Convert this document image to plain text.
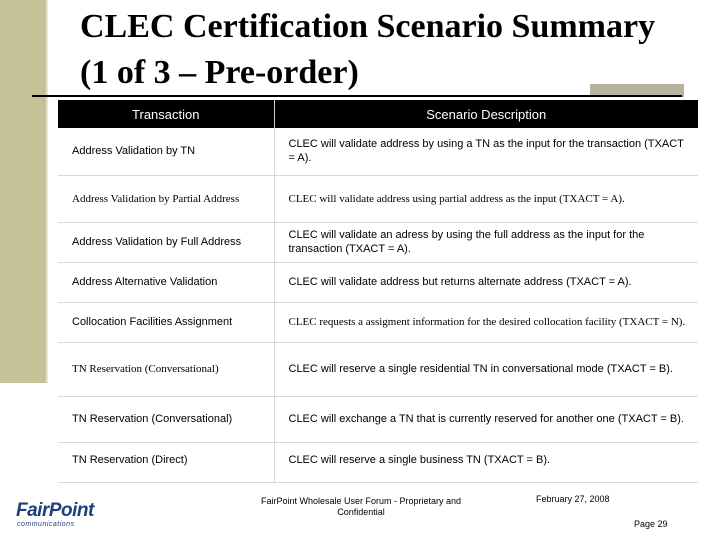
CLEC Certification Scenario Summary (1 of 3 – Pre-order)
Transaction	Scenario Description
Address Validation by TN	CLEC will validate address by using a TN as the input for the transaction (TXACT = A).
Address Validation by Partial Address	CLEC will validate address using partial address as the input (TXACT = A).
Address Validation by Full Address	CLEC will validate an adress by using the full address as the input for the transaction (TXACT = A).
Address Alternative Validation	CLEC will validate address but returns alternate address (TXACT = A).
Collocation Facilities Assignment	CLEC requests a assigment information for the desired collocation facility (TXACT = N).
TN Reservation (Conversational)	CLEC will reserve a single residential TN in conversational mode (TXACT = B).
TN Reservation (Conversational)	CLEC will exchange a TN that is currently reserved for another one (TXACT = B).
TN Reservation (Direct)	CLEC will reserve a single business TN (TXACT = B).
FairPoint
communications
FairPoint Wholesale User Forum - Proprietary and Confidential
February 27, 2008
Page 29
